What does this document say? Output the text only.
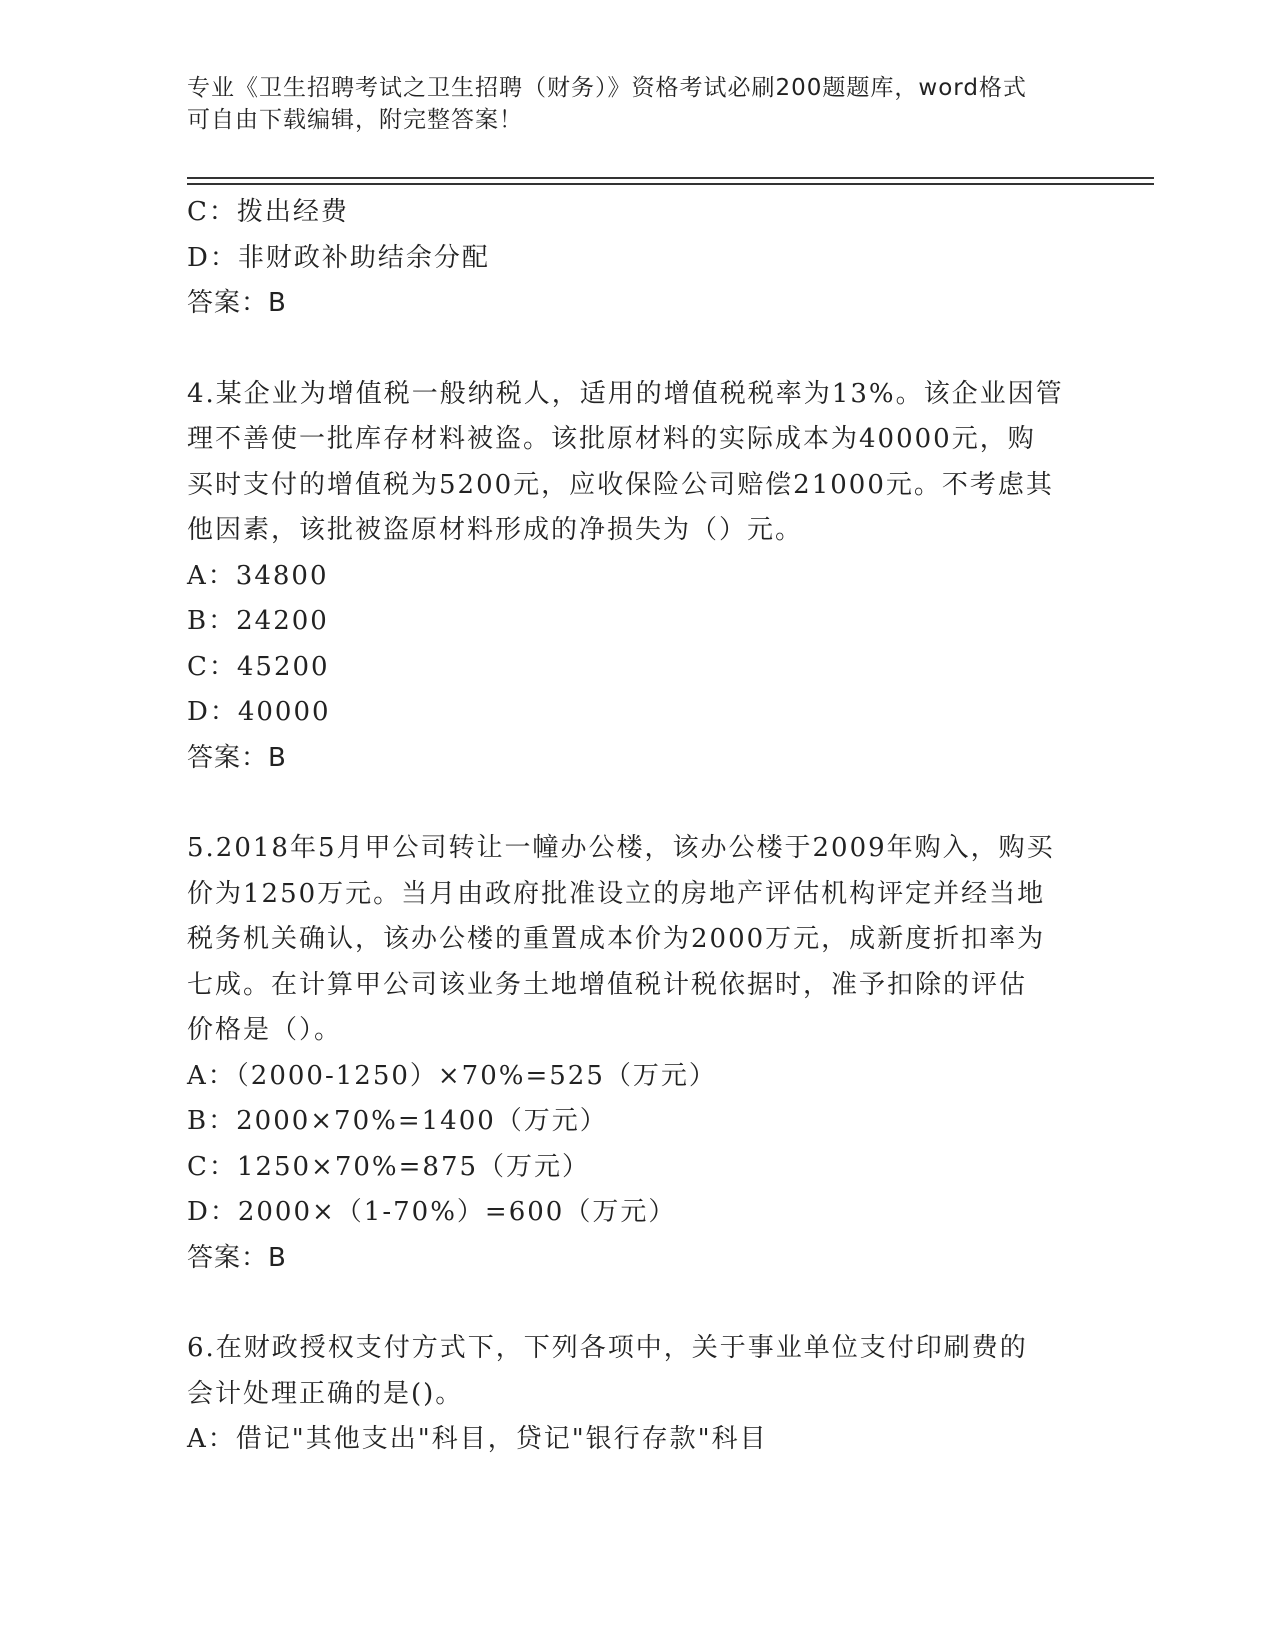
专业《卫生招聘考试之卫生招聘（财务）》资格考试必刷200题题库，word格式
可自由下载编辑，附完整答案！
C：拨出经费
D：非财政补助结余分配
答案：B
4.某企业为增值税一般纳税人，适用的增值税税率为13%。该企业因管
理不善使一批库存材料被盗。该批原材料的实际成本为40000元，购
买时支付的增值税为5200元，应收保险公司赔偿21000元。不考虑其
他因素，该批被盗原材料形成的净损失为（）元。
A：34800
B：24200
C：45200
D：40000
答案：B
5.2018年5月甲公司转让一幢办公楼，该办公楼于2009年购入，购买
价为1250万元。当月由政府批准设立的房地产评估机构评定并经当地
税务机关确认，该办公楼的重置成本价为2000万元，成新度折扣率为
七成。在计算甲公司该业务土地增值税计税依据时，准予扣除的评估
价格是（）。
A：（2000-1250）×70%=525（万元）
B：2000×70%=1400（万元）
C：1250×70%=875（万元）
D：2000×（1-70%）=600（万元）
答案：B
6.在财政授权支付方式下，下列各项中，关于事业单位支付印刷费的
会计处理正确的是()。
A：借记"其他支出"科目，贷记"银行存款"科目
